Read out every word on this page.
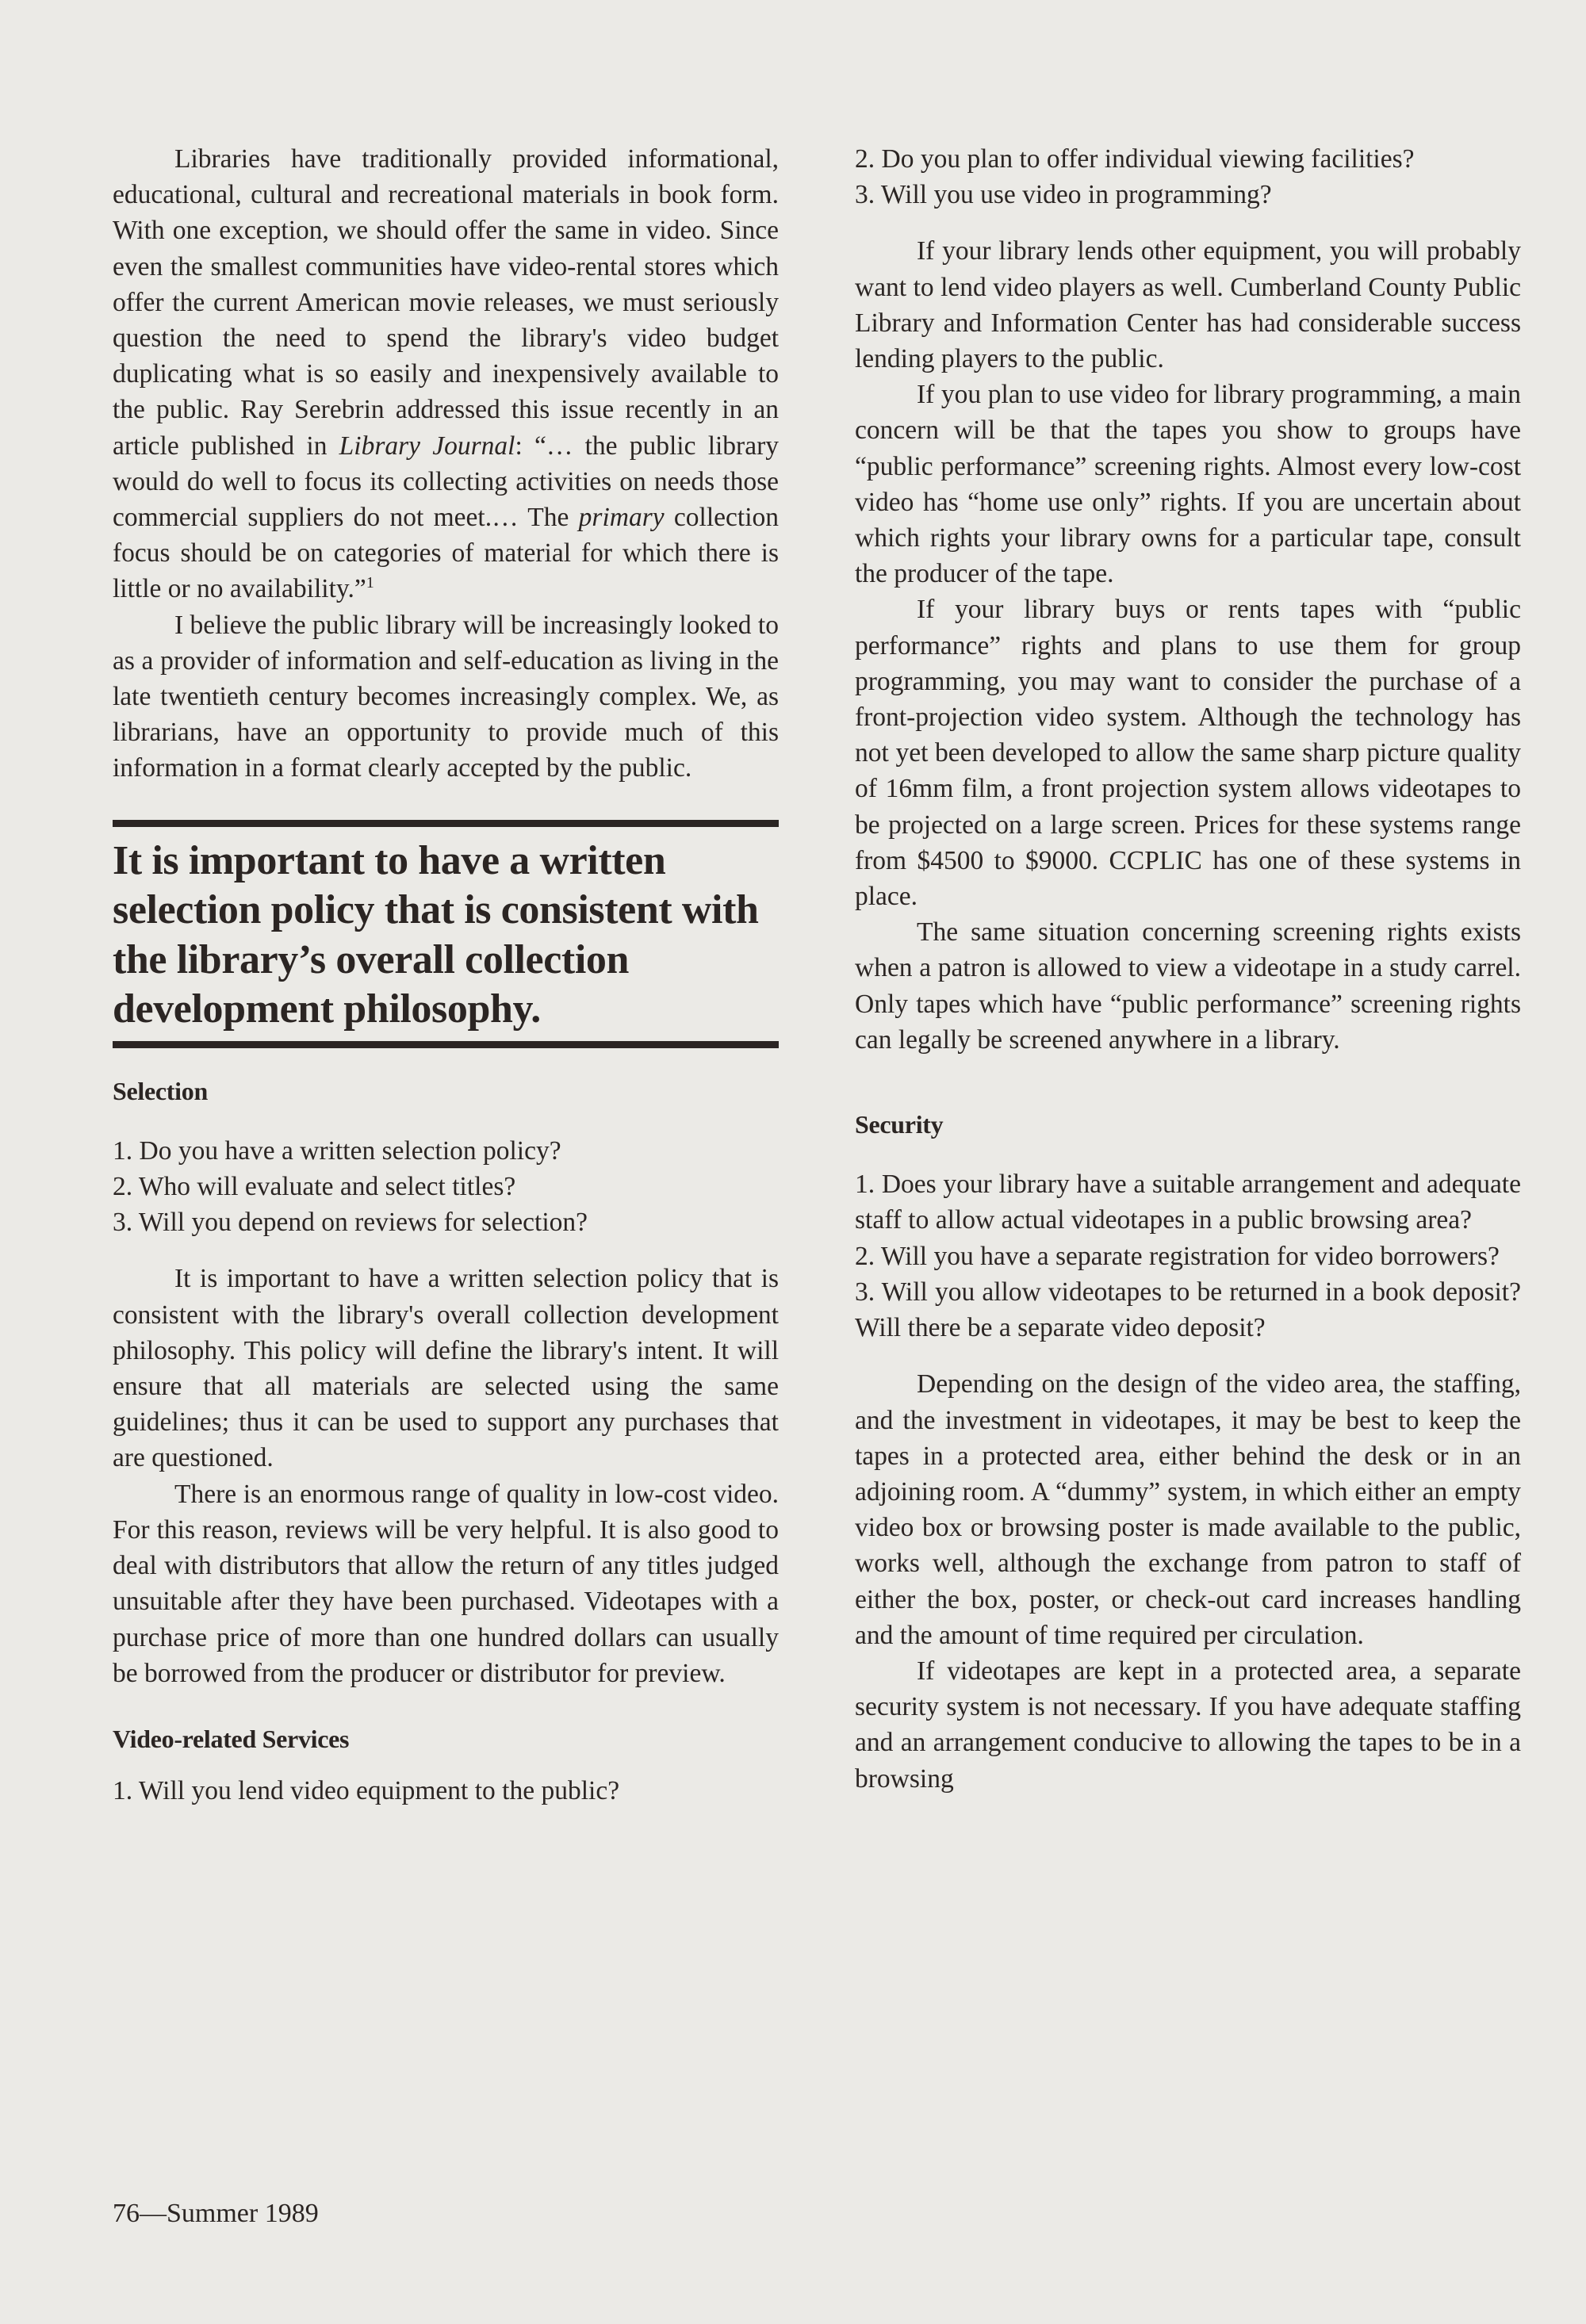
Libraries have traditionally provided informational, educational, cultural and recreational materials in book form. With one exception, we should offer the same in video. Since even the smallest communities have video-rental stores which offer the current American movie releases, we must seriously question the need to spend the library's video budget duplicating what is so easily and inexpensively available to the public. Ray Serebrin addressed this issue recently in an article published in Library Journal: “… the public library would do well to focus its collecting activities on needs those commercial suppliers do not meet.… The primary collection focus should be on categories of material for which there is little or no availability.”$^1$

I believe the public library will be increasingly looked to as a provider of information and self-education as living in the late twentieth century becomes increasingly complex. We, as librarians, have an opportunity to provide much of this information in a format clearly accepted by the public.

It is important to have a written selection policy that is consistent with the library’s overall collection development philosophy.

Selection

1. Do you have a written selection policy?

2. Who will evaluate and select titles?

3. Will you depend on reviews for selection?

It is important to have a written selection policy that is consistent with the library's overall collection development philosophy. This policy will define the library's intent. It will ensure that all materials are selected using the same guidelines; thus it can be used to support any purchases that are questioned.

There is an enormous range of quality in low-cost video. For this reason, reviews will be very helpful. It is also good to deal with distributors that allow the return of any titles judged unsuitable after they have been purchased. Videotapes with a purchase price of more than one hundred dollars can usually be borrowed from the producer or distributor for preview.

Video-related Services

1. Will you lend video equipment to the public?

2. Do you plan to offer individual viewing facilities?

3. Will you use video in programming?

If your library lends other equipment, you will probably want to lend video players as well. Cumberland County Public Library and Information Center has had considerable success lending players to the public.

If you plan to use video for library programming, a main concern will be that the tapes you show to groups have “public performance” screening rights. Almost every low-cost video has “home use only” rights. If you are uncertain about which rights your library owns for a particular tape, consult the producer of the tape.

If your library buys or rents tapes with “public performance” rights and plans to use them for group programming, you may want to consider the purchase of a front-projection video system. Although the technology has not yet been developed to allow the same sharp picture quality of 16mm film, a front projection system allows videotapes to be projected on a large screen. Prices for these systems range from $4500 to $9000. CCPLIC has one of these systems in place.

The same situation concerning screening rights exists when a patron is allowed to view a videotape in a study carrel. Only tapes which have “public performance” screening rights can legally be screened anywhere in a library.

Security

1. Does your library have a suitable arrangement and adequate staff to allow actual videotapes in a public browsing area?

2. Will you have a separate registration for video borrowers?

3. Will you allow videotapes to be returned in a book deposit? Will there be a separate video deposit?

Depending on the design of the video area, the staffing, and the investment in videotapes, it may be best to keep the tapes in a protected area, either behind the desk or in an adjoining room. A “dummy” system, in which either an empty video box or browsing poster is made available to the public, works well, although the exchange from patron to staff of either the box, poster, or check-out card increases handling and the amount of time required per circulation.

If videotapes are kept in a protected area, a separate security system is not necessary. If you have adequate staffing and an arrangement conducive to allowing the tapes to be in a browsing

76—Summer 1989
